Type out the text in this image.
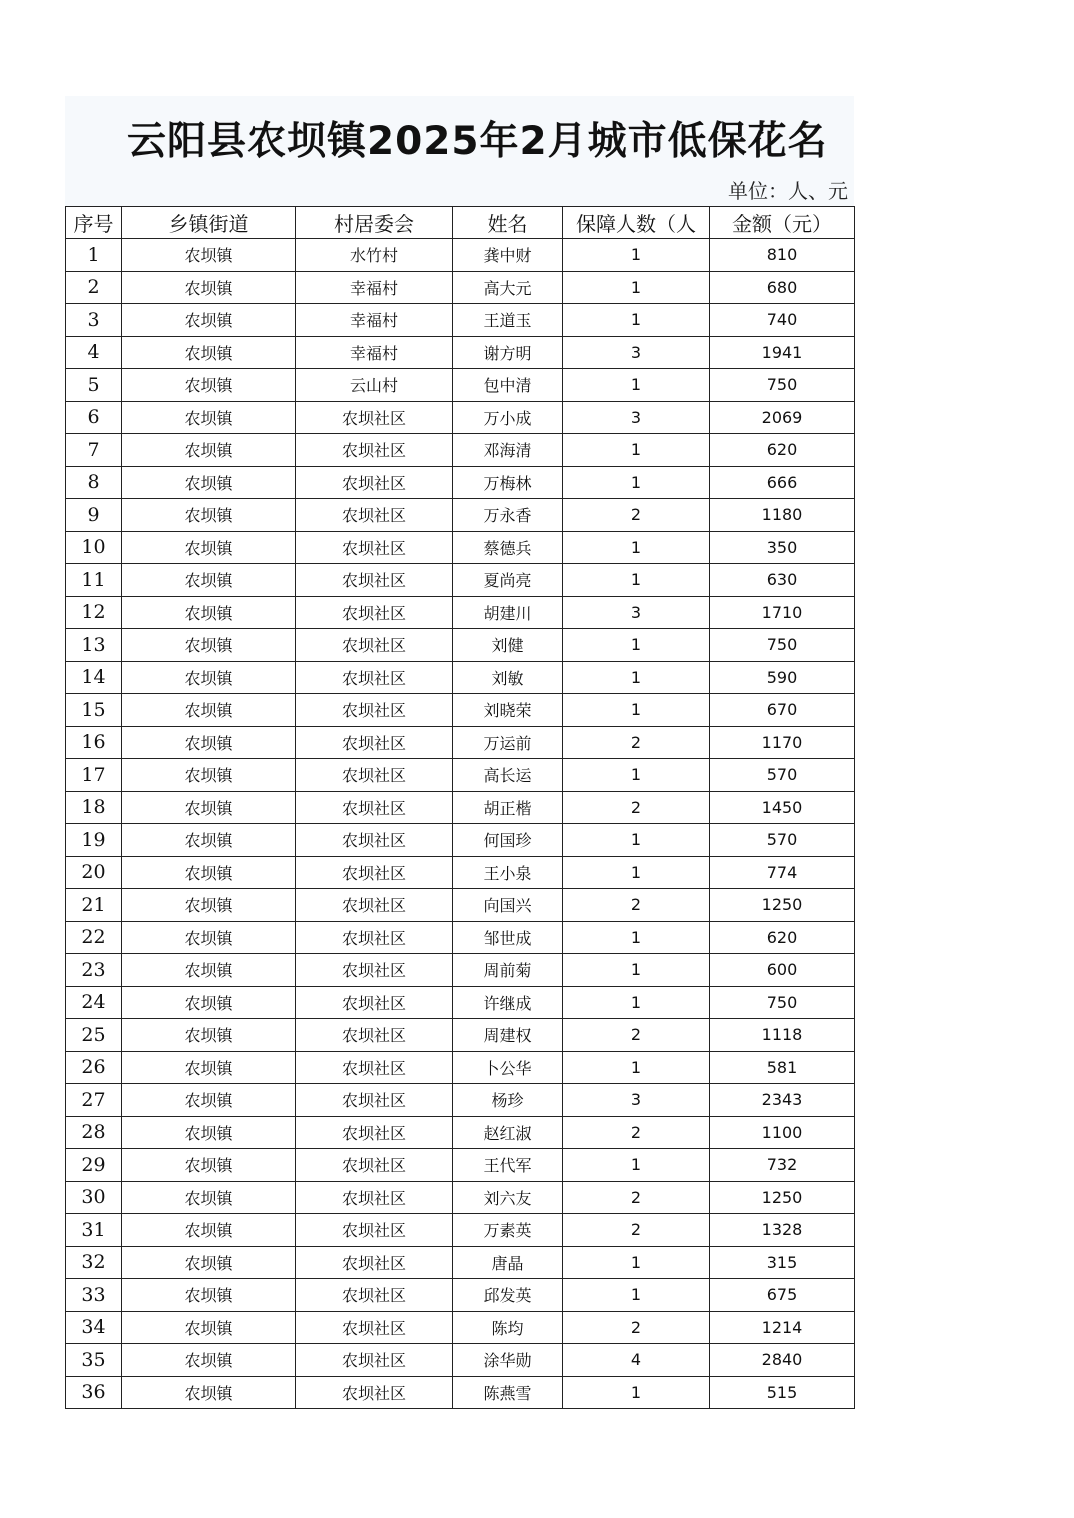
云阳县农坝镇2025年2月城市低保花名
单位：人、元
序号	乡镇街道	村居委会	姓名	保障人数（人	金额（元）
1	农坝镇	水竹村	龚中财	1	810
2	农坝镇	幸福村	高大元	1	680
3	农坝镇	幸福村	王道玉	1	740
4	农坝镇	幸福村	谢方明	3	1941
5	农坝镇	云山村	包中清	1	750
6	农坝镇	农坝社区	万小成	3	2069
7	农坝镇	农坝社区	邓海清	1	620
8	农坝镇	农坝社区	万梅林	1	666
9	农坝镇	农坝社区	万永香	2	1180
10	农坝镇	农坝社区	蔡德兵	1	350
11	农坝镇	农坝社区	夏尚亮	1	630
12	农坝镇	农坝社区	胡建川	3	1710
13	农坝镇	农坝社区	刘健	1	750
14	农坝镇	农坝社区	刘敏	1	590
15	农坝镇	农坝社区	刘晓荣	1	670
16	农坝镇	农坝社区	万运前	2	1170
17	农坝镇	农坝社区	高长运	1	570
18	农坝镇	农坝社区	胡正楷	2	1450
19	农坝镇	农坝社区	何国珍	1	570
20	农坝镇	农坝社区	王小泉	1	774
21	农坝镇	农坝社区	向国兴	2	1250
22	农坝镇	农坝社区	邹世成	1	620
23	农坝镇	农坝社区	周前菊	1	600
24	农坝镇	农坝社区	许继成	1	750
25	农坝镇	农坝社区	周建权	2	1118
26	农坝镇	农坝社区	卜公华	1	581
27	农坝镇	农坝社区	杨珍	3	2343
28	农坝镇	农坝社区	赵红淑	2	1100
29	农坝镇	农坝社区	王代军	1	732
30	农坝镇	农坝社区	刘六友	2	1250
31	农坝镇	农坝社区	万素英	2	1328
32	农坝镇	农坝社区	唐晶	1	315
33	农坝镇	农坝社区	邱发英	1	675
34	农坝镇	农坝社区	陈均	2	1214
35	农坝镇	农坝社区	涂华勋	4	2840
36	农坝镇	农坝社区	陈燕雪	1	515
